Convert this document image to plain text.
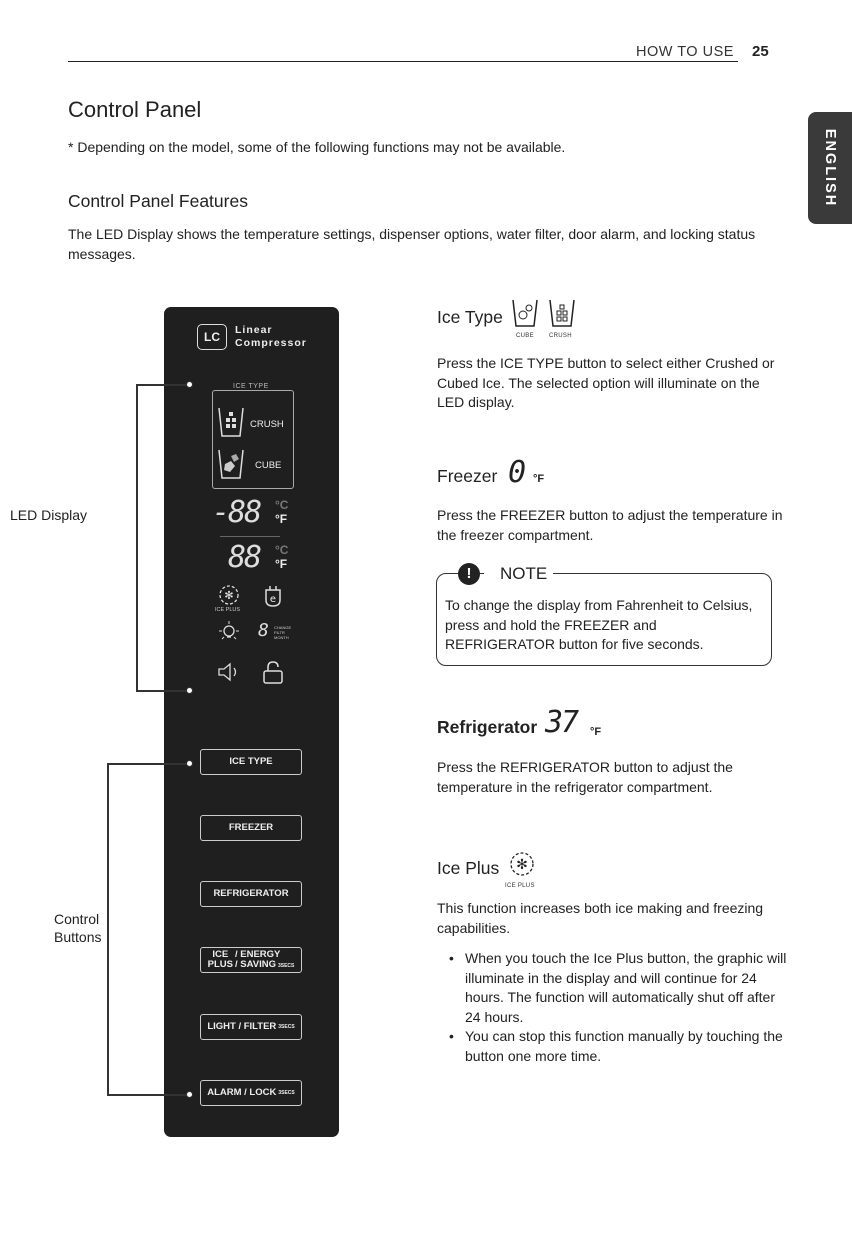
HOW TO USE 25
ENGLISH
Control Panel
* Depending on the model, some of the following functions may not be available.
Control Panel Features
The LED Display shows the temperature settings, dispenser options, water filter, door alarm, and locking status messages.
LC	Linear
Compressor
ICE TYPE
CRUSH
CUBE
-88 °C
°F
88 °C
°F
✻
ICE PLUS
e
8 CHANGE
FILTR
MONTH
ICE TYPE
FREEZER
REFRIGERATOR
ICE
PLUS
/ ENERGY
/ SAVING 3SECS
LIGHT / FILTER 3SECS
ALARM / LOCK 3SECS
LED Display
Control
Buttons
Ice Type
CUBE	CRUSH
Press the ICE TYPE button to select either Crushed or Cubed Ice. The selected option will illuminate on the LED display.
Freezer 0 °F
Press the FREEZER button to adjust the temperature in the freezer compartment.
NOTE
!
To change the display from Fahrenheit to Celsius, press and hold the FREEZER and REFRIGERATOR button for five seconds.
Refrigerator 37 °F
Press the REFRIGERATOR button to adjust the temperature in the refrigerator compartment.
Ice Plus ✻
ICE PLUS
This function increases both ice making and freezing capabilities.
• When you touch the Ice Plus button, the graphic will illuminate in the display and will continue for 24 hours. The function will automatically shut off after 24 hours.
• You can stop this function manually by touching the button one more time.
